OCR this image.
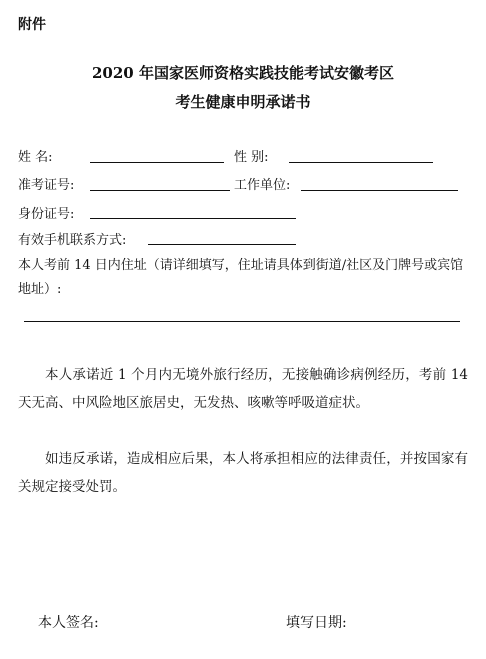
附件
2020 年国家医师资格实践技能考试安徽考区
考生健康申明承诺书
姓 名:	性 别:
准考证号:	工作单位:
身份证号:
有效手机联系方式:
本人考前 14 日内住址（请详细填写，住址请具体到街道/社区及门牌号或宾馆地址）:
本人承诺近 1 个月内无境外旅行经历，无接触确诊病例经历，考前 14 天无高、中风险地区旅居史，无发热、咳嗽等呼吸道症状。
如违反承诺，造成相应后果，本人将承担相应的法律责任，并按国家有关规定接受处罚。
本人签名:	填写日期:
